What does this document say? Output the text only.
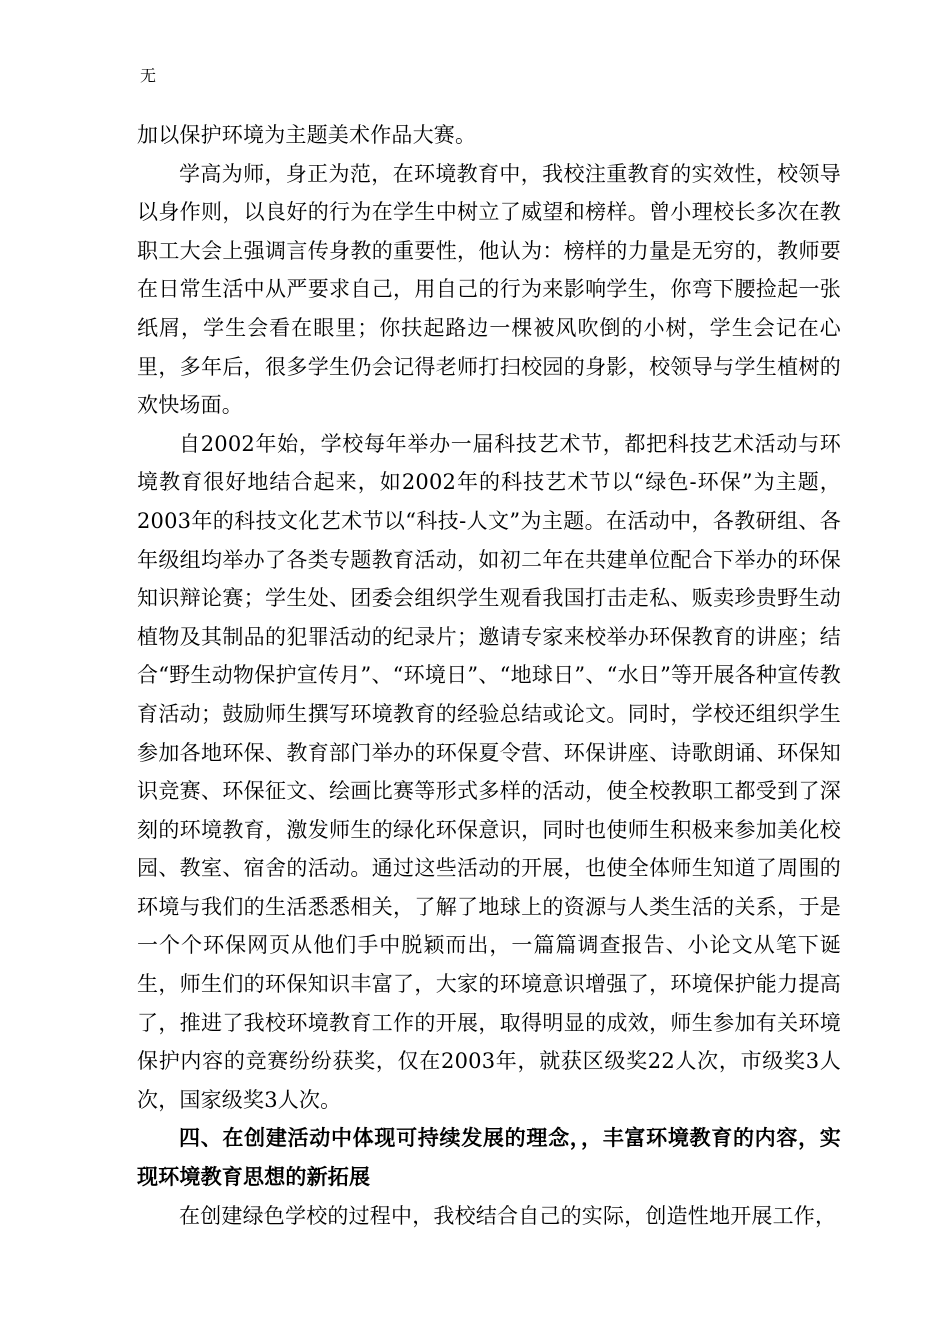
无

加以保护环境为主题美术作品大赛。

学高为师，身正为范，在环境教育中，我校注重教育的实效性，校领导以身作则，以良好的行为在学生中树立了威望和榜样。曾小理校长多次在教职工大会上强调言传身教的重要性，他认为：榜样的力量是无穷的，教师要在日常生活中从严要求自己，用自己的行为来影响学生，你弯下腰捡起一张纸屑，学生会看在眼里；你扶起路边一棵被风吹倒的小树，学生会记在心里，多年后，很多学生仍会记得老师打扫校园的身影，校领导与学生植树的欢快场面。

自2002年始，学校每年举办一届科技艺术节，都把科技艺术活动与环境教育很好地结合起来，如2002年的科技艺术节以“绿色-环保”为主题，2003年的科技文化艺术节以“科技-人文”为主题。在活动中，各教研组、各年级组均举办了各类专题教育活动，如初二年在共建单位配合下举办的环保知识辩论赛；学生处、团委会组织学生观看我国打击走私、贩卖珍贵野生动植物及其制品的犯罪活动的纪录片；邀请专家来校举办环保教育的讲座；结合“野生动物保护宣传月”、“环境日”、“地球日”、“水日”等开展各种宣传教育活动；鼓励师生撰写环境教育的经验总结或论文。同时，学校还组织学生参加各地环保、教育部门举办的环保夏令营、环保讲座、诗歌朗诵、环保知识竞赛、环保征文、绘画比赛等形式多样的活动，使全校教职工都受到了深刻的环境教育，激发师生的绿化环保意识，同时也使师生积极来参加美化校园、教室、宿舍的活动。通过这些活动的开展，也使全体师生知道了周围的环境与我们的生活悉悉相关，了解了地球上的资源与人类生活的关系，于是一个个环保网页从他们手中脱颖而出，一篇篇调查报告、小论文从笔下诞生，师生们的环保知识丰富了，大家的环境意识增强了，环境保护能力提高了，推进了我校环境教育工作的开展，取得明显的成效，师生参加有关环境保护内容的竞赛纷纷获奖，仅在2003年，就获区级奖22人次，市级奖3人次，国家级奖3人次。

四、在创建活动中体现可持续发展的理念，，丰富环境教育的内容，实现环境教育思想的新拓展

在创建绿色学校的过程中，我校结合自己的实际，创造性地开展工作，
